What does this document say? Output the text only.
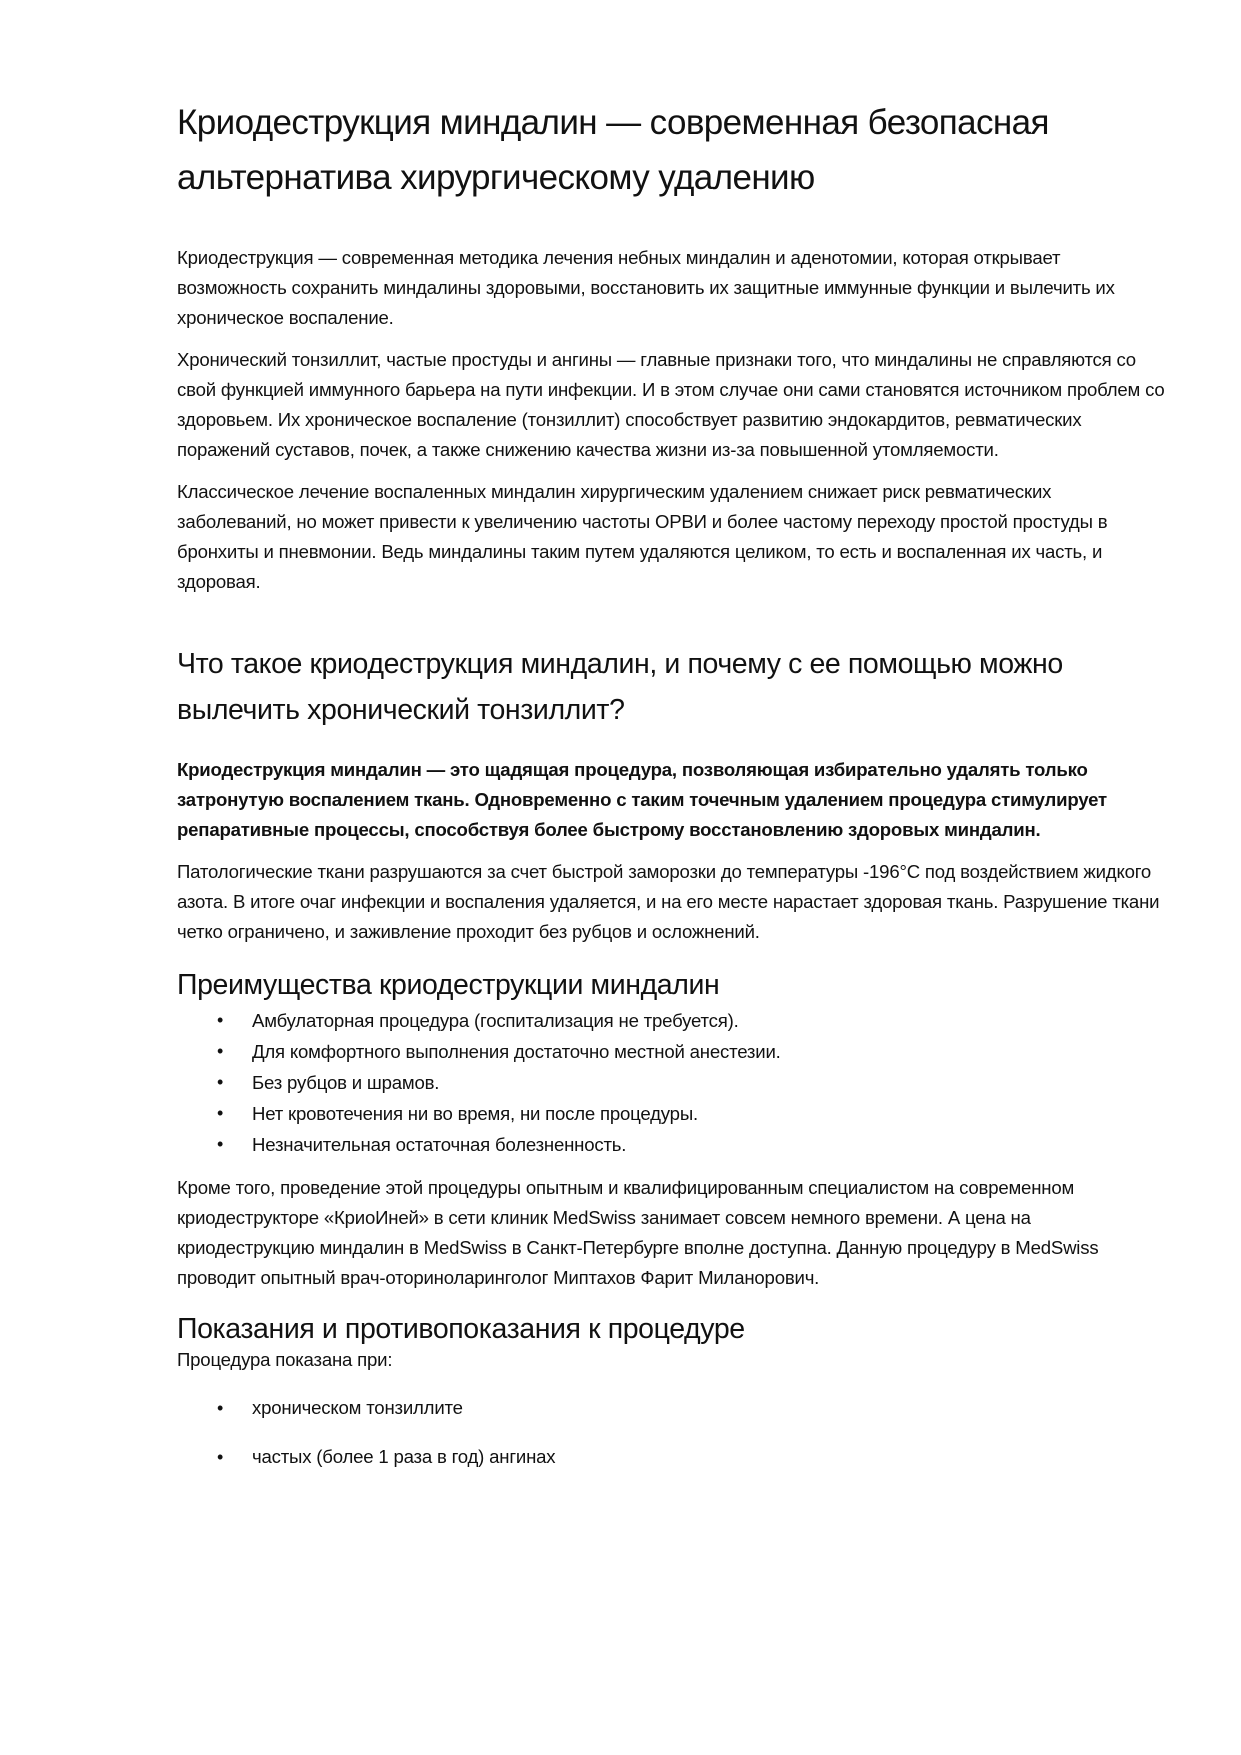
Криодеструкция миндалин — современная безопасная альтернатива хирургическому удалению

Криодеструкция — современная методика лечения небных миндалин и аденотомии, которая открывает возможность сохранить миндалины здоровыми, восстановить их защитные иммунные функции и вылечить их хроническое воспаление.

Хронический тонзиллит, частые простуды и ангины — главные признаки того, что миндалины не справляются со свой функцией иммунного барьера на пути инфекции. И в этом случае они сами становятся источником проблем со здоровьем. Их хроническое воспаление (тонзиллит) способствует развитию эндокардитов, ревматических поражений суставов, почек, а также снижению качества жизни из-за повышенной утомляемости.

Классическое лечение воспаленных миндалин хирургическим удалением снижает риск ревматических заболеваний, но может привести к увеличению частоты ОРВИ и более частому переходу простой простуды в бронхиты и пневмонии. Ведь миндалины таким путем удаляются целиком, то есть и воспаленная их часть, и здоровая.

Что такое криодеструкция миндалин, и почему с ее помощью можно вылечить хронический тонзиллит?

Криодеструкция миндалин — это щадящая процедура, позволяющая избирательно удалять только затронутую воспалением ткань. Одновременно с таким точечным удалением процедура стимулирует репаративные процессы, способствуя более быстрому восстановлению здоровых миндалин.

Патологические ткани разрушаются за счет быстрой заморозки до температуры -196°С под воздействием жидкого азота. В итоге очаг инфекции и воспаления удаляется, и на его месте нарастает здоровая ткань. Разрушение ткани четко ограничено, и заживление проходит без рубцов и осложнений.

Преимущества криодеструкции миндалин
• Амбулаторная процедура (госпитализация не требуется).
• Для комфортного выполнения достаточно местной анестезии.
• Без рубцов и шрамов.
• Нет кровотечения ни во время, ни после процедуры.
• Незначительная остаточная болезненность.

Кроме того, проведение этой процедуры опытным и квалифицированным специалистом на современном криодеструкторе «КриоИней» в сети клиник MedSwiss занимает совсем немного времени. А цена на криодеструкцию миндалин в MedSwiss в Санкт-Петербурге вполне доступна. Данную процедуру в MedSwiss проводит опытный врач-оториноларинголог Миптахов Фарит Миланорович.

Показания и противопоказания к процедуре

Процедура показана при:

• хроническом тонзиллите
• частых (более 1 раза в год) ангинах
